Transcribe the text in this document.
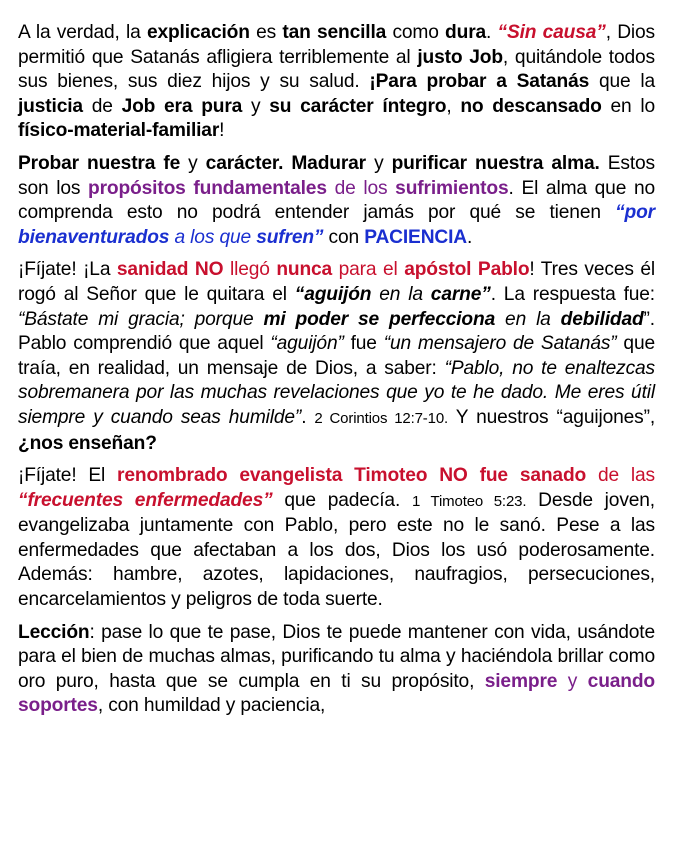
A la verdad, la explicación es tan sencilla como dura. “Sin causa”, Dios permitió que Satanás afligiera terriblemente al justo Job, quitándole todos sus bienes, sus diez hijos y su salud. ¡Para probar a Satanás que la justicia de Job era pura y su carácter íntegro, no descansado en lo físico-material-familiar!

Probar nuestra fe y carácter. Madurar y purificar nuestra alma. Estos son los propósitos fundamentales de los sufrimientos. El alma que no comprenda esto no podrá entender jamás por qué se tienen “por bienaventurados a los que sufren” con PACIENCIA.

¡Fíjate! ¡La sanidad NO llegó nunca para el apóstol Pablo! Tres veces él rogó al Señor que le quitara el “aguijón en la carne”. La respuesta fue: “Bástate mi gracia; porque mi poder se perfecciona en la debilidad”. Pablo comprendió que aquel “aguijón” fue “un mensajero de Satanás” que traía, en realidad, un mensaje de Dios, a saber: “Pablo, no te enaltezcas sobremanera por las muchas revelaciones que yo te he dado. Me eres útil siempre y cuando seas humilde”. 2 Corintios 12:7-10. Y nuestros “aguijones”, ¿nos enseñan?

¡Fíjate! El renombrado evangelista Timoteo NO fue sanado de las “frecuentes enfermedades” que padecía. 1 Timoteo 5:23. Desde joven, evangelizaba juntamente con Pablo, pero este no le sanó. Pese a las enfermedades que afectaban a los dos, Dios los usó poderosamente. Además: hambre, azotes, lapidaciones, naufragios, persecuciones, encarcelamientos y peligros de toda suerte.

Lección: pase lo que te pase, Dios te puede mantener con vida, usándote para el bien de muchas almas, purificando tu alma y haciéndola brillar como oro puro, hasta que se cumpla en ti su propósito, siempre y cuando soportes, con humildad y paciencia,
